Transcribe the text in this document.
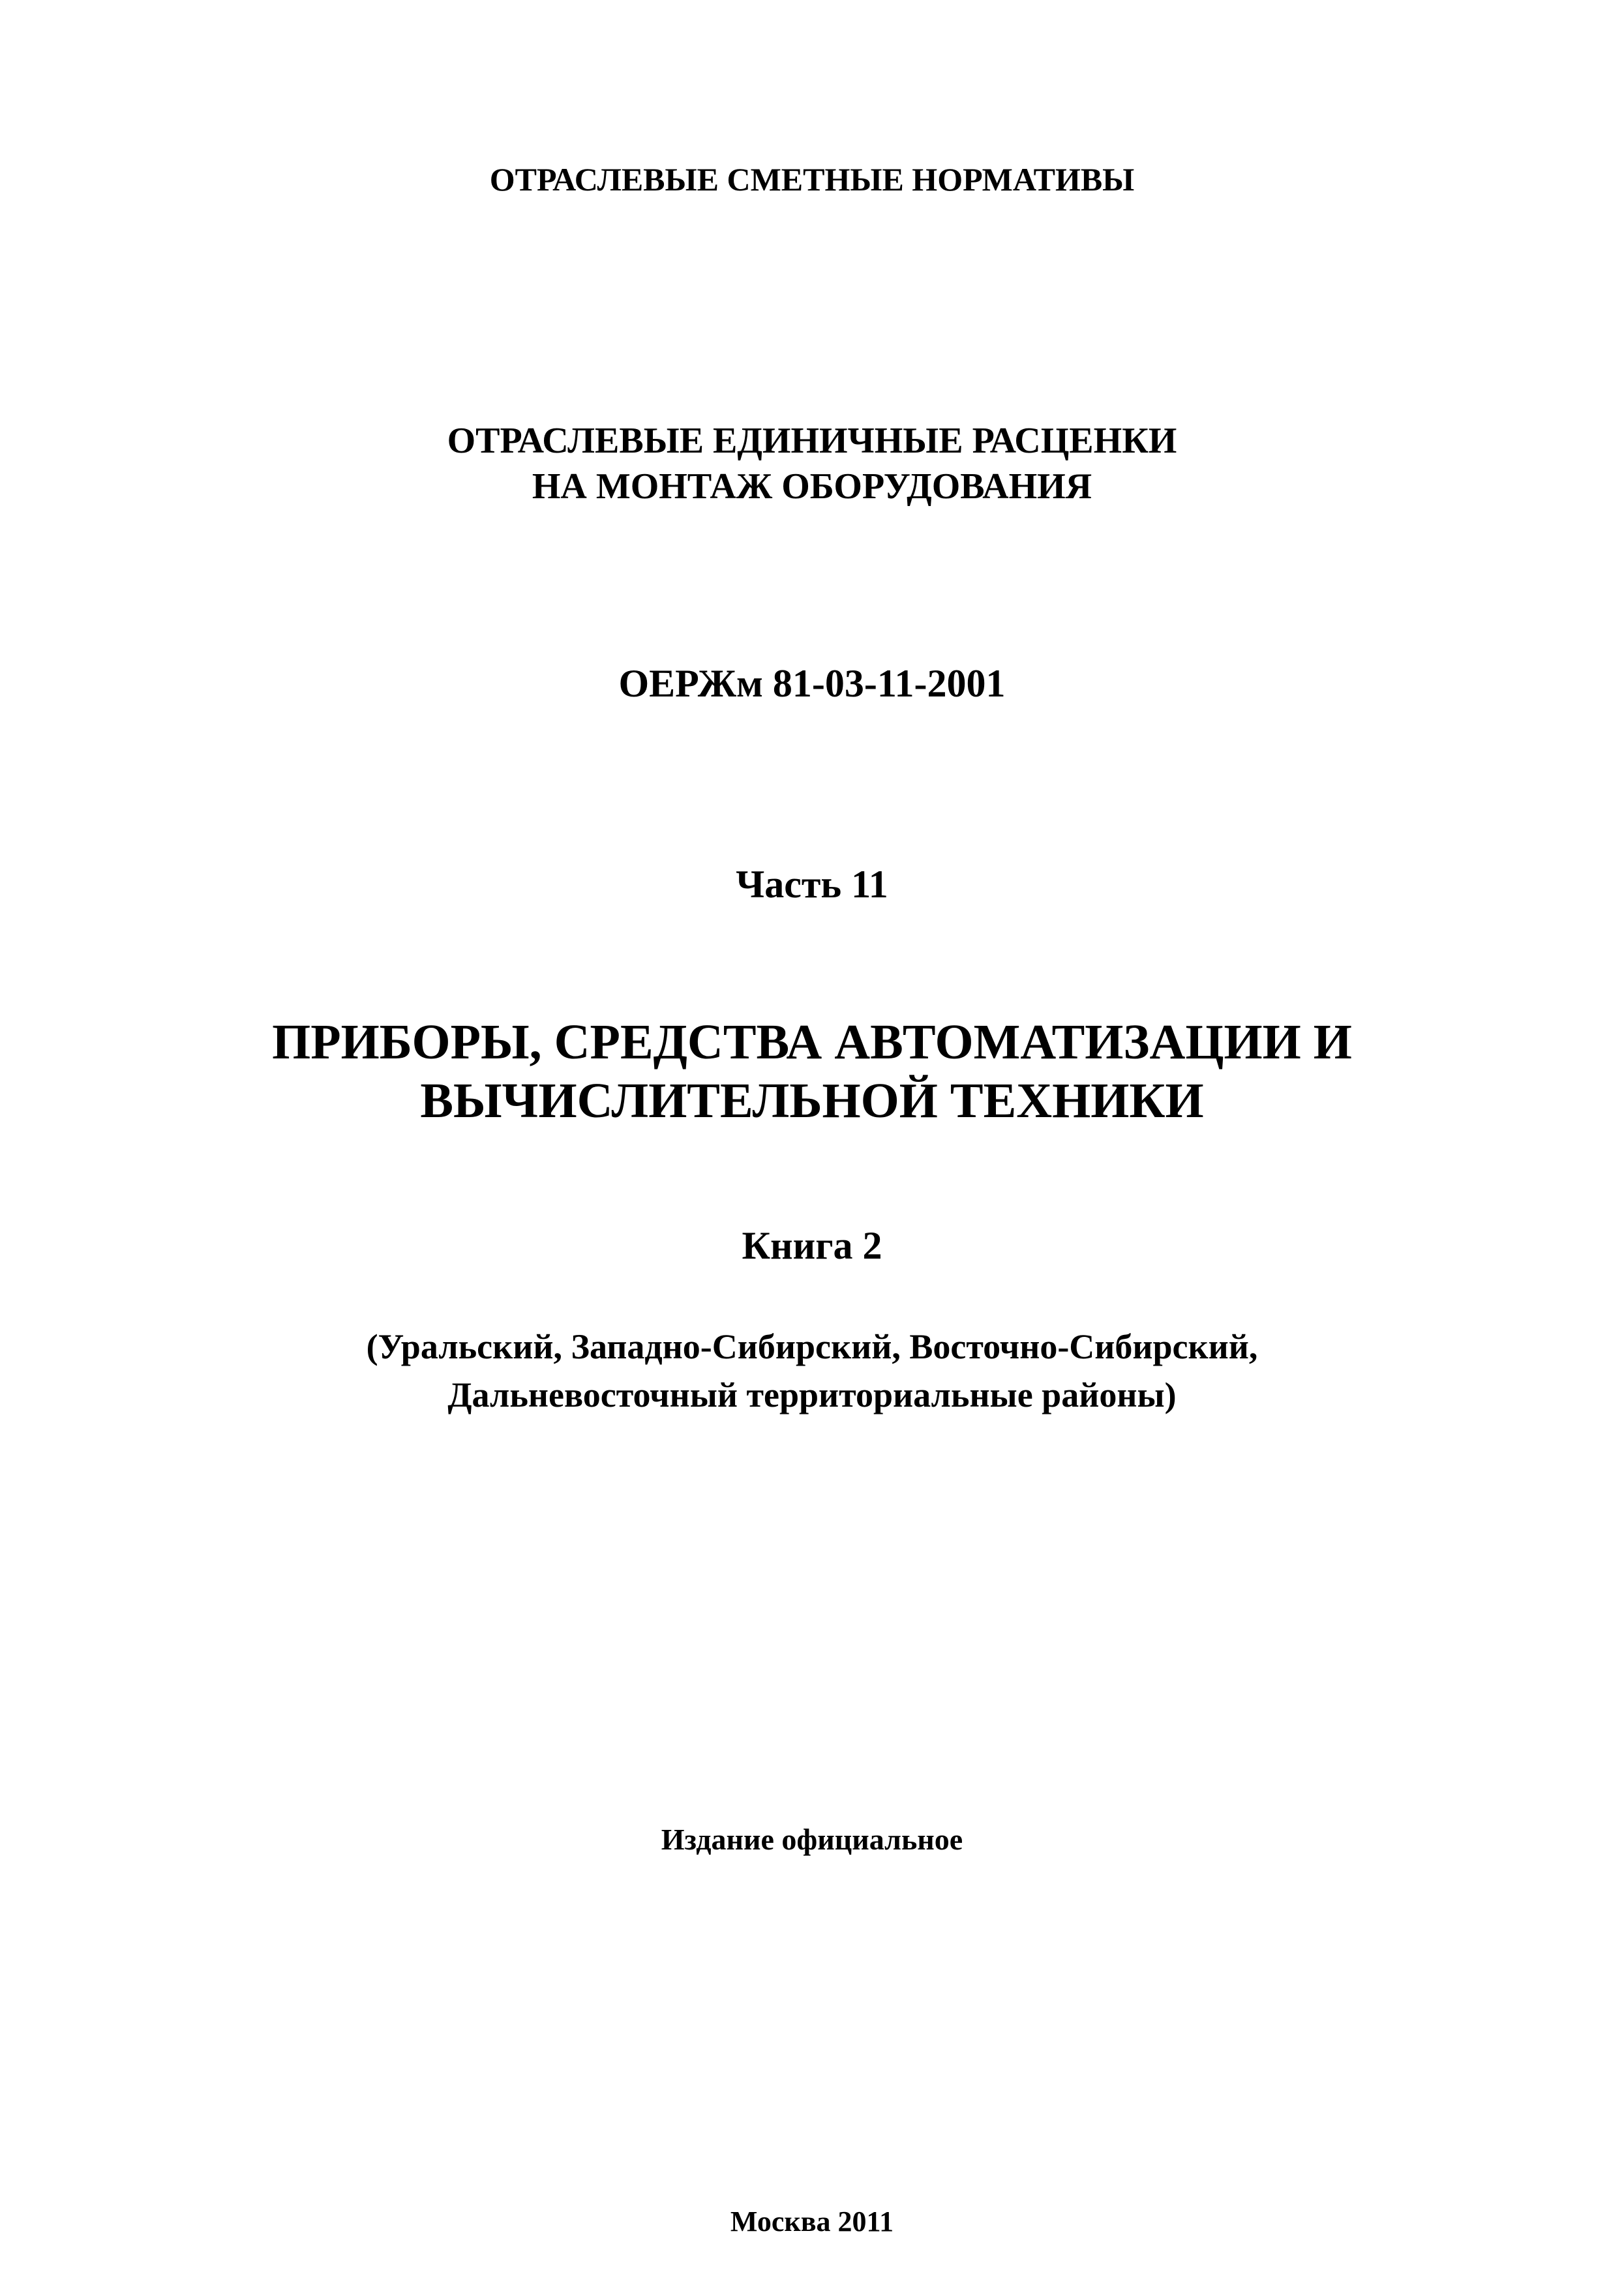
ОТРАСЛЕВЫЕ СМЕТНЫЕ НОРМАТИВЫ
ОТРАСЛЕВЫЕ ЕДИНИЧНЫЕ РАСЦЕНКИ
НА МОНТАЖ ОБОРУДОВАНИЯ
ОЕРЖм 81-03-11-2001
Часть 11
ПРИБОРЫ, СРЕДСТВА АВТОМАТИЗАЦИИ И
ВЫЧИСЛИТЕЛЬНОЙ ТЕХНИКИ
Книга 2
(Уральский, Западно-Сибирский, Восточно-Сибирский,
Дальневосточный территориальные районы)
Издание официальное
Москва 2011
